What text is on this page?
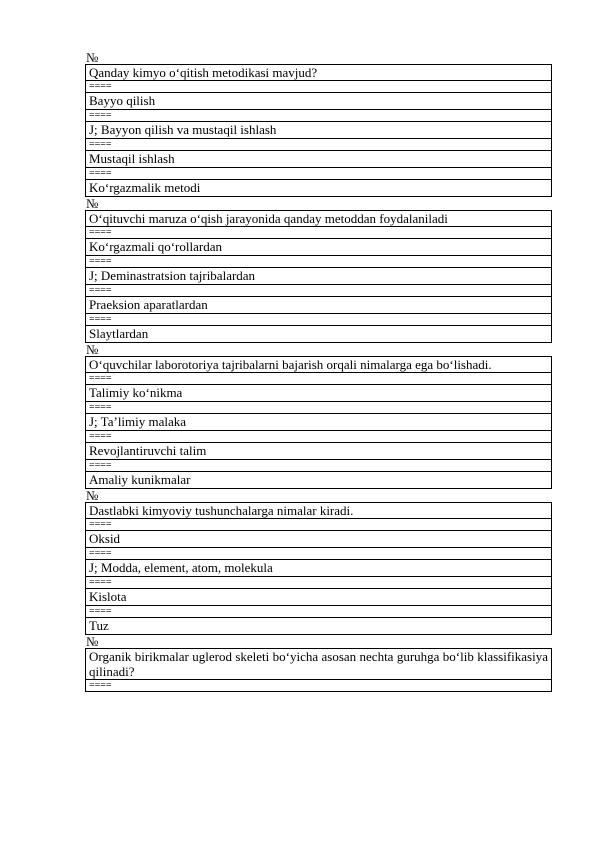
№
Qanday kimyo o‘qitish metodikasi mavjud?
====
Bayyo qilish
====
J; Bayyon qilish va mustaqil ishlash
====
Mustaqil ishlash
====
Ko‘rgazmalik metodi
№
O‘qituvchi maruza o‘qish jarayonida qanday metoddan foydalaniladi
====
Ko‘rgazmali qo‘rollardan
====
J; Deminastratsion tajribalardan
====
Praeksion aparatlardan
====
Slaytlardan
№
O‘quvchilar laborotoriya tajribalarni bajarish orqali nimalarga ega bo‘lishadi.
====
Talimiy ko‘nikma
====
J; Ta’limiy malaka
====
Revojlantiruvchi talim
====
Amaliy kunikmalar
№
Dastlabki kimyoviy tushunchalarga nimalar kiradi.
====
Oksid
====
J; Modda, element, atom, molekula
====
Kislota
====
Tuz
№
Organik birikmalar uglerod skeleti bo‘yicha asosan nechta guruhga bo‘lib klassifikasiya qilinadi?
====
